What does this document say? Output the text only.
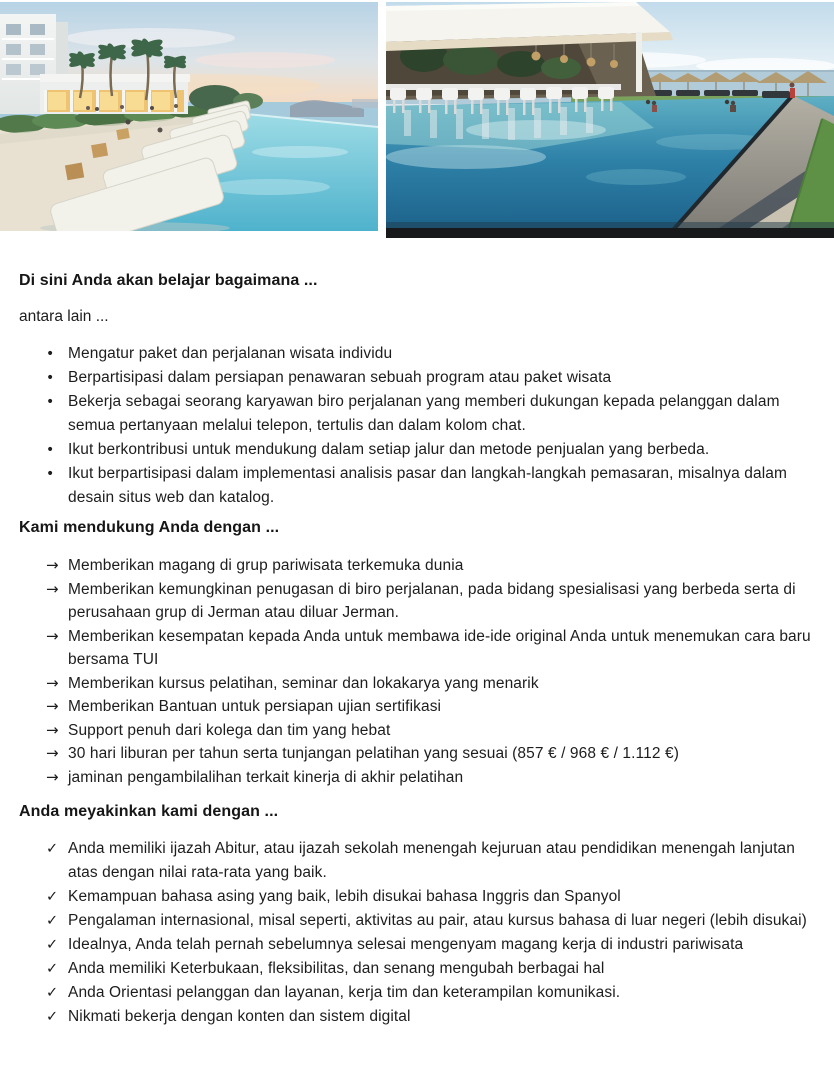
Di sini Anda akan belajar bagaimana ...

antara lain ...

• Mengatur paket dan perjalanan wisata individu
• Berpartisipasi dalam persiapan penawaran sebuah program atau paket wisata
• Bekerja sebagai seorang karyawan biro perjalanan yang memberi dukungan kepada pelanggan dalam semua pertanyaan melalui telepon, tertulis dan dalam kolom chat.
• Ikut berkontribusi untuk mendukung dalam setiap jalur dan metode penjualan yang berbeda.
• Ikut berpartisipasi dalam implementasi analisis pasar dan langkah-langkah pemasaran, misalnya dalam desain situs web dan katalog.
Kami mendukung Anda dengan ...
→ Memberikan magang di grup pariwisata terkemuka dunia
→ Memberikan kemungkinan penugasan di biro perjalanan, pada bidang spesialisasi yang berbeda serta di perusahaan grup di Jerman atau diluar Jerman.
→ Memberikan kesempatan kepada Anda untuk membawa ide-ide original Anda untuk menemukan cara baru bersama TUI
→ Memberikan kursus pelatihan, seminar dan lokakarya yang menarik
→ Memberikan Bantuan untuk persiapan ujian sertifikasi
→ Support penuh dari kolega dan tim yang hebat
→ 30 hari liburan per tahun serta tunjangan pelatihan yang sesuai (857 € / 968 € / 1.112 €)
→ jaminan pengambilalihan terkait kinerja di akhir pelatihan
Anda meyakinkan kami dengan ...
✓ Anda memiliki ijazah Abitur, atau ijazah sekolah menengah kejuruan atau pendidikan menengah lanjutan atas dengan nilai rata-rata yang baik.
✓ Kemampuan bahasa asing yang baik, lebih disukai bahasa Inggris dan Spanyol
✓ Pengalaman internasional, misal seperti, aktivitas au pair, atau kursus bahasa di luar negeri (lebih disukai)
✓ Idealnya, Anda telah pernah sebelumnya selesai mengenyam magang kerja di industri pariwisata
✓ Anda memiliki Keterbukaan, fleksibilitas, dan senang mengubah berbagai hal
✓ Anda Orientasi pelanggan dan layanan, kerja tim dan keterampilan komunikasi.
✓ Nikmati bekerja dengan konten dan sistem digital
